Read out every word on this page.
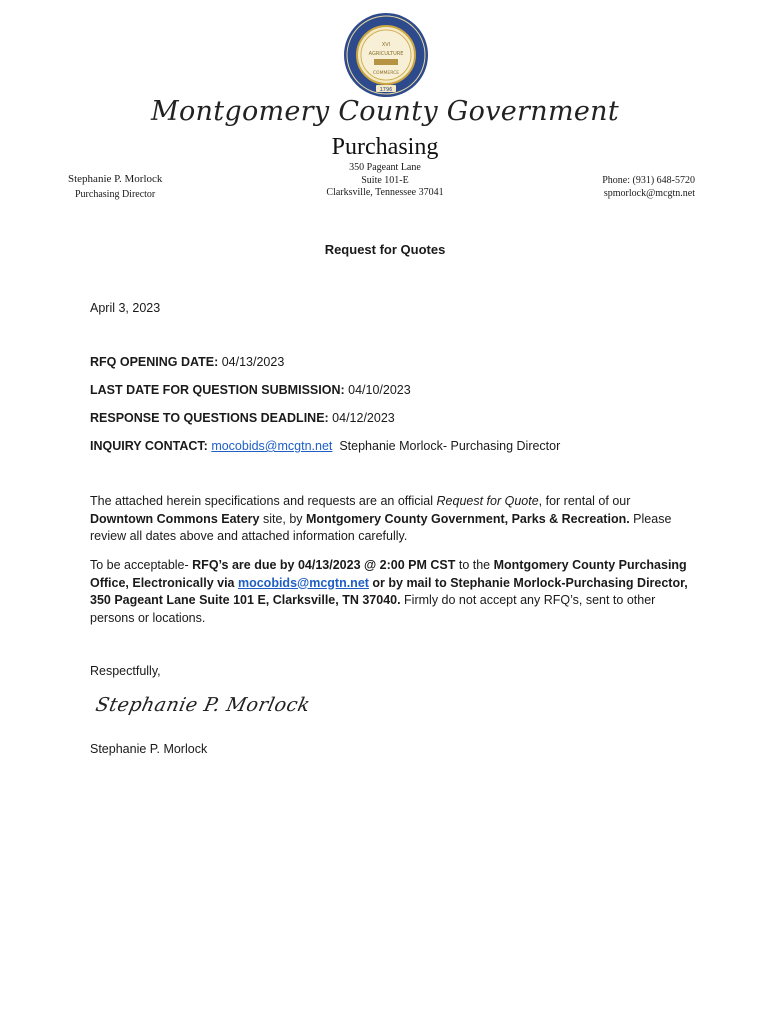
XVI
AGRICULTURE
COMMERCE
1796
Montgomery County Government
Purchasing
Stephanie P. Morlock
Purchasing Director
350 Pageant Lane
Suite 101-E
Clarksville, Tennessee 37041
Phone: (931) 648-5720
spmorlock@mcgtn.net
Request for Quotes
April 3, 2023
RFQ OPENING DATE: 04/13/2023
LAST DATE FOR QUESTION SUBMISSION: 04/10/2023
RESPONSE TO QUESTIONS DEADLINE: 04/12/2023
INQUIRY CONTACT: mocobids@mcgtn.net  Stephanie Morlock- Purchasing Director
The attached herein specifications and requests are an official Request for Quote, for rental of our Downtown Commons Eatery site, by Montgomery County Government, Parks & Recreation. Please review all dates above and attached information carefully.
To be acceptable- RFQ’s are due by 04/13/2023 @ 2:00 PM CST to the Montgomery County Purchasing Office, Electronically via mocobids@mcgtn.net or by mail to Stephanie Morlock-Purchasing Director, 350 Pageant Lane Suite 101 E, Clarksville, TN 37040. Firmly do not accept any RFQ’s, sent to other persons or locations.
Respectfully,
Stephanie P. Morlock
Stephanie P. Morlock
